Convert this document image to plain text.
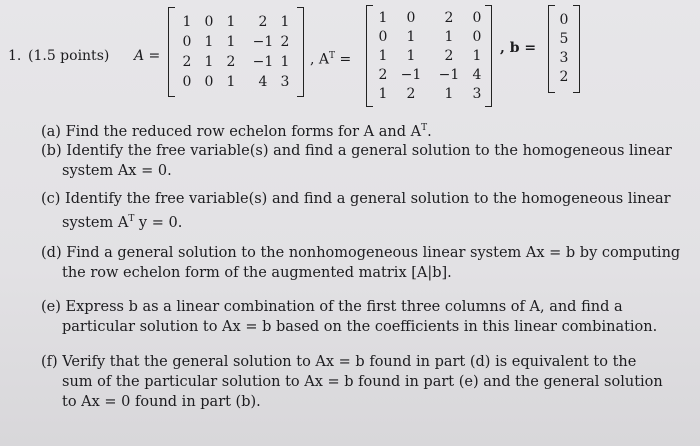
1. (1.5 points) A =
1 0 1	2 1
0 1 1	−1 2
2 1 2	−1 1
0 0 1	4 3
, $A^T$ =
1	0	2	0
0	1	1	0
1	1	2	1
2 −1 −1 4
1	2	1	3
, b =
0
5
3
2
(a) Find the reduced row echelon forms for A and $A^T$.
(b) Identify the free variable(s) and find a general solution to the homogeneous linear
system Ax = 0.
(c) Identify the free variable(s) and find a general solution to the homogeneous linear
system $A^T$ y = 0.
(d) Find a general solution to the nonhomogeneous linear system Ax = b by computing
the row echelon form of the augmented matrix [A|b].
(e) Express b as a linear combination of the first three columns of A, and find a
particular solution to Ax = b based on the coefficients in this linear combination.
(f) Verify that the general solution to Ax = b found in part (d) is equivalent to the
sum of the particular solution to Ax = b found in part (e) and the general solution
to Ax = 0 found in part (b).
